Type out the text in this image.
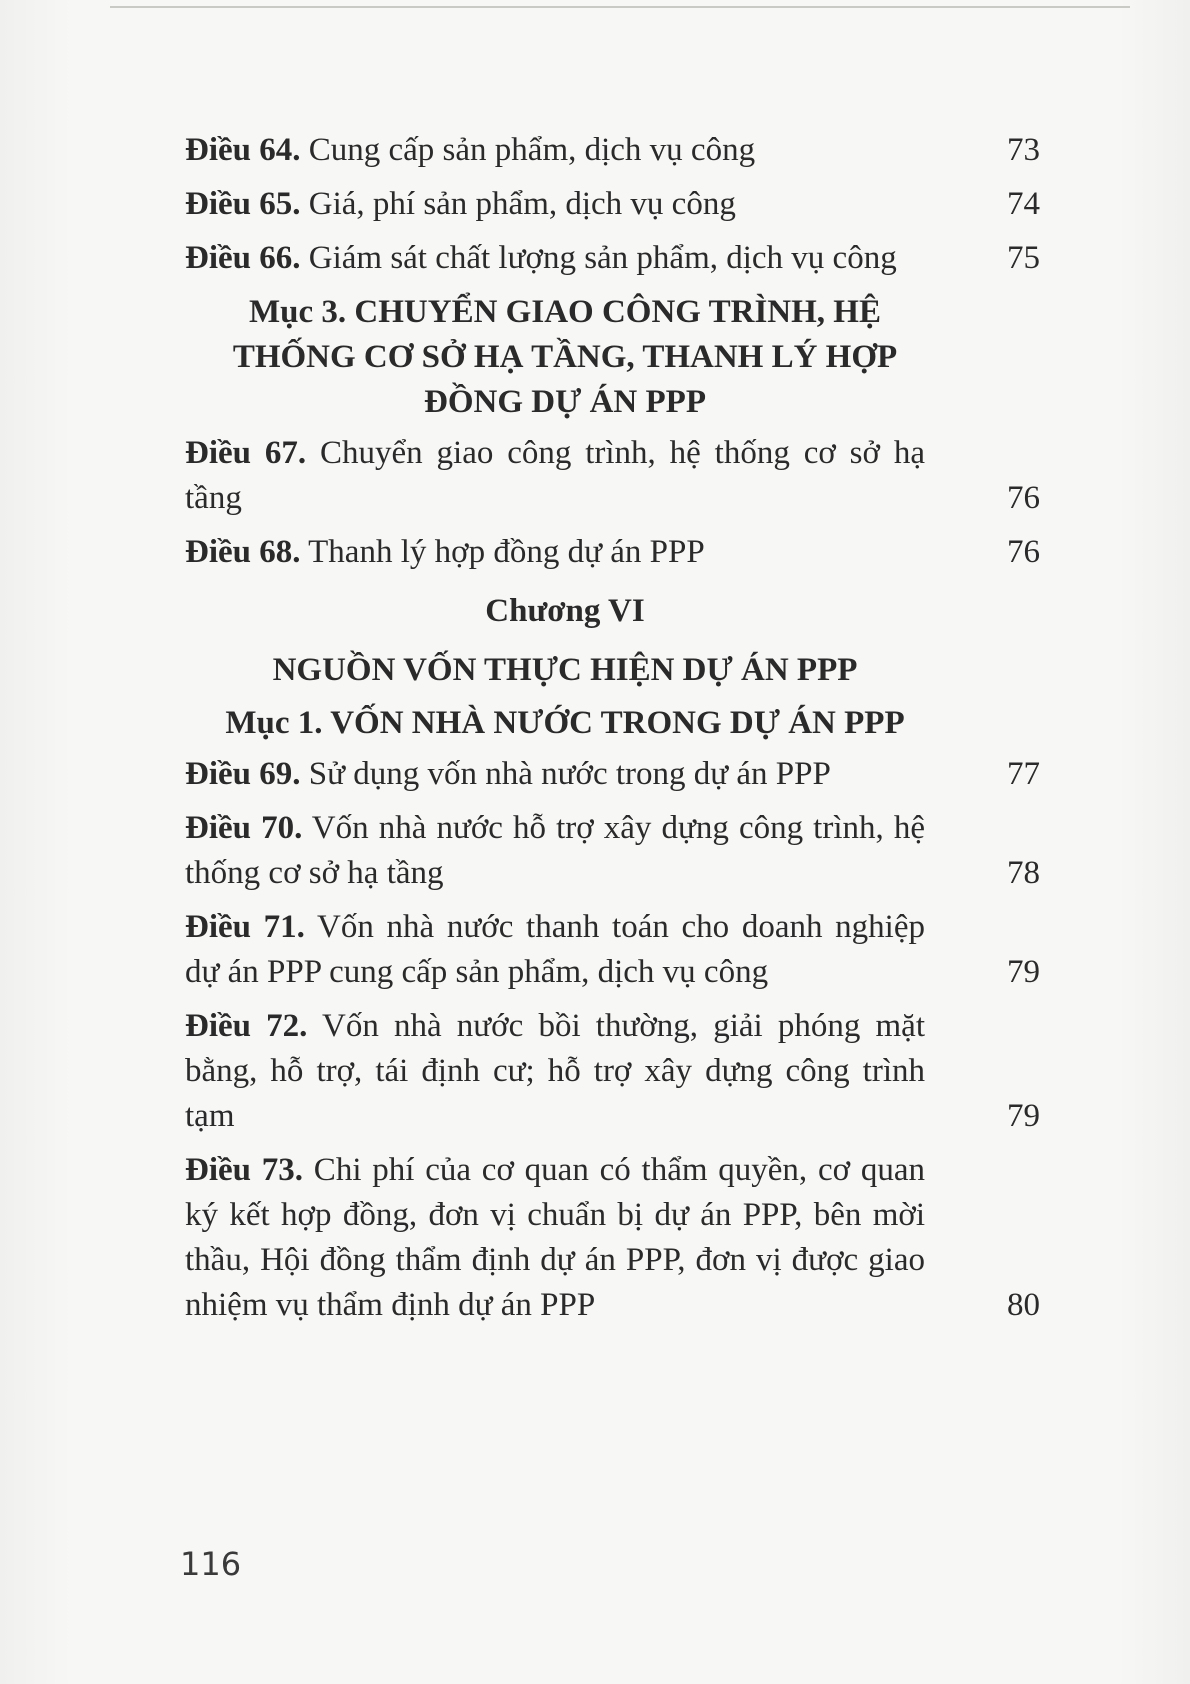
Điều 64. Cung cấp sản phẩm, dịch vụ công	73
Điều 65. Giá, phí sản phẩm, dịch vụ công	74
Điều 66. Giám sát chất lượng sản phẩm, dịch vụ công	75
Mục 3. CHUYỂN GIAO CÔNG TRÌNH, HỆ THỐNG CƠ SỞ HẠ TẦNG, THANH LÝ HỢP ĐỒNG DỰ ÁN PPP
Điều 67. Chuyển giao công trình, hệ thống cơ sở hạ tầng	76
Điều 68. Thanh lý hợp đồng dự án PPP	76
Chương VI
NGUỒN VỐN THỰC HIỆN DỰ ÁN PPP
Mục 1. VỐN NHÀ NƯỚC TRONG DỰ ÁN PPP
Điều 69. Sử dụng vốn nhà nước trong dự án PPP	77
Điều 70. Vốn nhà nước hỗ trợ xây dựng công trình, hệ thống cơ sở hạ tầng	78
Điều 71. Vốn nhà nước thanh toán cho doanh nghiệp dự án PPP cung cấp sản phẩm, dịch vụ công	79
Điều 72. Vốn nhà nước bồi thường, giải phóng mặt bằng, hỗ trợ, tái định cư; hỗ trợ xây dựng công trình tạm	79
Điều 73. Chi phí của cơ quan có thẩm quyền, cơ quan ký kết hợp đồng, đơn vị chuẩn bị dự án PPP, bên mời thầu, Hội đồng thẩm định dự án PPP, đơn vị được giao nhiệm vụ thẩm định dự án PPP	80
116
